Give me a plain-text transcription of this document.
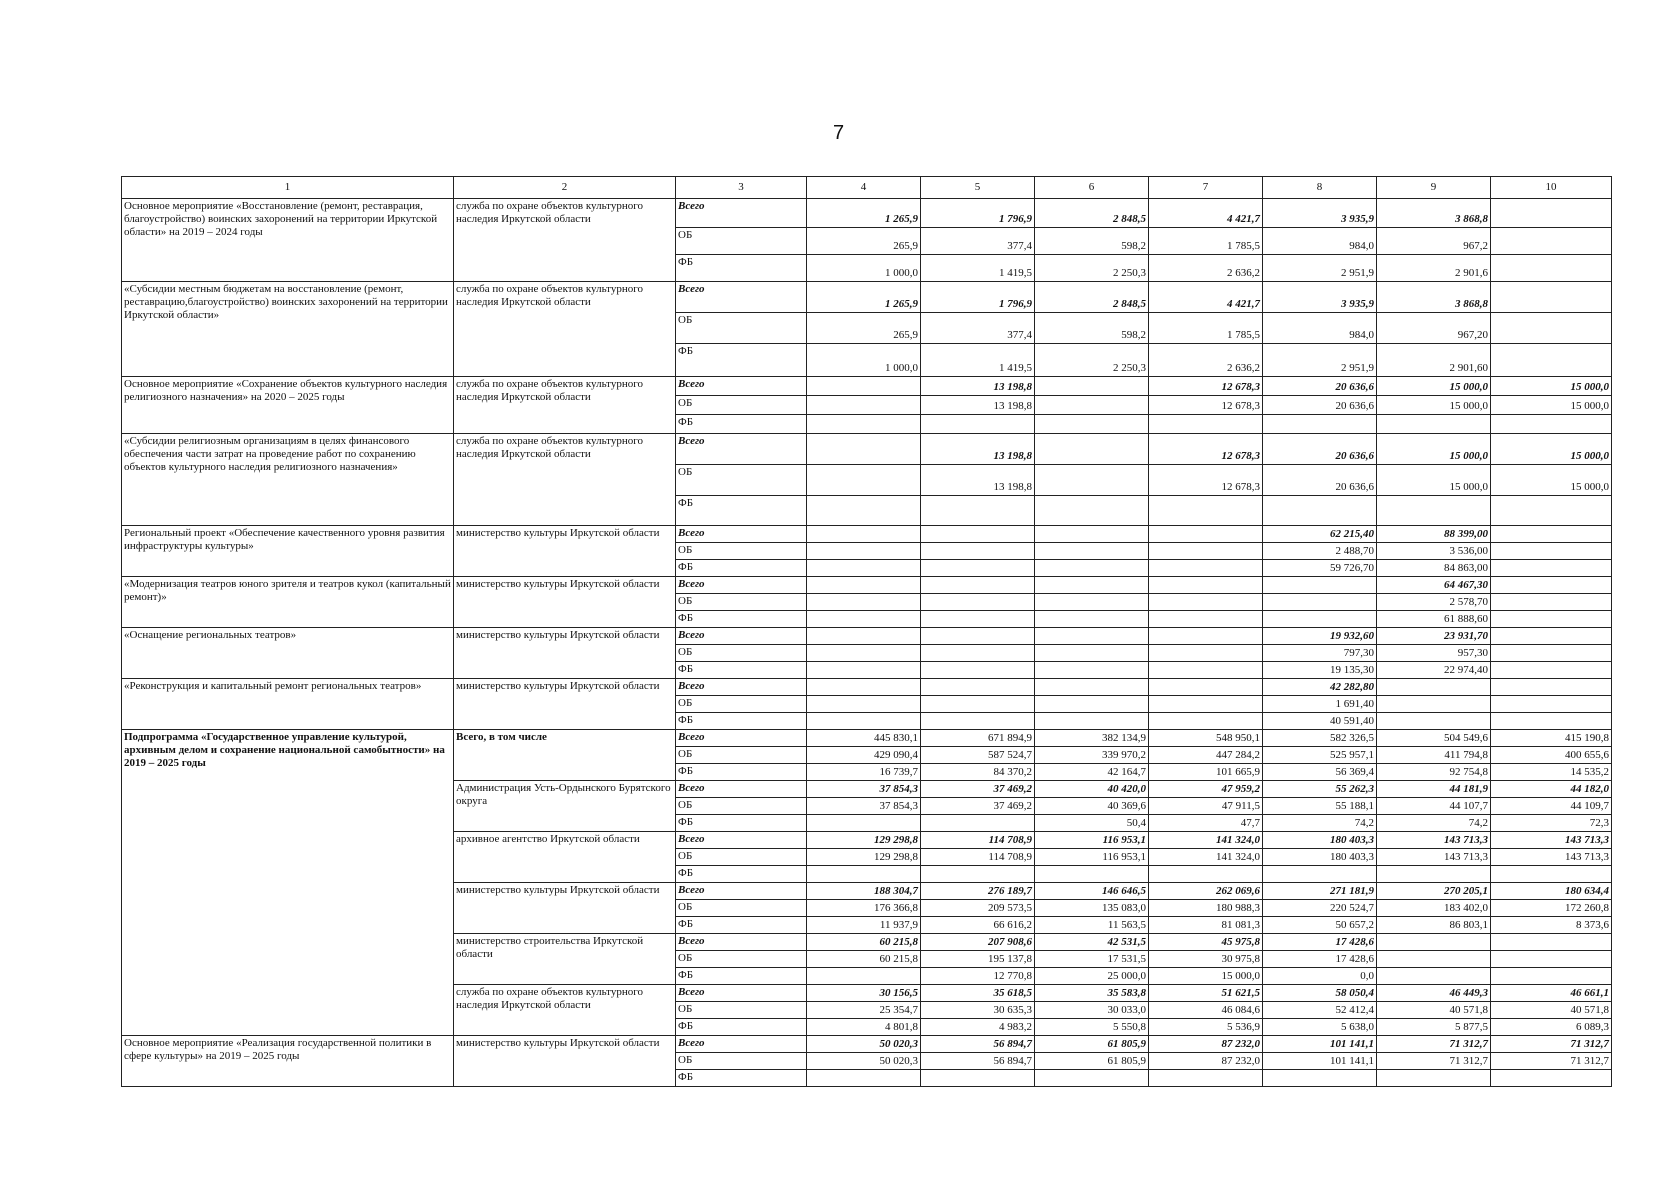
7
1	2	3	4	5	6	7	8	9	10
Основное мероприятие «Восстановление (ремонт, реставрация, благоустройство) воинских захоронений на территории Иркутской области» на 2019 – 2024 годы	служба по охране объектов культурного наследия Иркутской области	Всего	1 265,9	1 796,9	2 848,5	4 421,7	3 935,9	3 868,8	
		ОБ	265,9	377,4	598,2	1 785,5	984,0	967,2	
		ФБ	1 000,0	1 419,5	2 250,3	2 636,2	2 951,9	2 901,6	
«Субсидии местным бюджетам на восстановление (ремонт, реставрацию,благоустройство) воинских захоронений на территории Иркутской области»	служба по охране объектов культурного наследия Иркутской области	Всего	1 265,9	1 796,9	2 848,5	4 421,7	3 935,9	3 868,8	
		ОБ	265,9	377,4	598,2	1 785,5	984,0	967,20	
		ФБ	1 000,0	1 419,5	2 250,3	2 636,2	2 951,9	2 901,60	
Основное мероприятие «Сохранение объектов культурного наследия религиозного назначения» на 2020 – 2025 годы	служба по охране объектов культурного наследия Иркутской области	Всего		13 198,8		12 678,3	20 636,6	15 000,0	15 000,0
		ОБ		13 198,8		12 678,3	20 636,6	15 000,0	15 000,0
		ФБ							
«Субсидии религиозным организациям в целях финансового обеспечения части затрат на проведение работ по сохранению объектов культурного наследия религиозного назначения»	служба по охране объектов культурного наследия Иркутской области	Всего		13 198,8		12 678,3	20 636,6	15 000,0	15 000,0
		ОБ		13 198,8		12 678,3	20 636,6	15 000,0	15 000,0
		ФБ							
Региональный проект «Обеспечение качественного уровня развития инфраструктуры культуры»	министерство культуры Иркутской области	Всего					62 215,40	88 399,00	
		ОБ					2 488,70	3 536,00	
		ФБ					59 726,70	84 863,00	
«Модернизация театров юного зрителя и театров кукол (капитальный ремонт)»	министерство культуры Иркутской области	Всего						64 467,30	
		ОБ						2 578,70	
		ФБ						61 888,60	
«Оснащение региональных театров»	министерство культуры Иркутской области	Всего					19 932,60	23 931,70	
		ОБ					797,30	957,30	
		ФБ					19 135,30	22 974,40	
«Реконструкция и капитальный ремонт региональных театров»	министерство культуры Иркутской области	Всего					42 282,80		
		ОБ					1 691,40		
		ФБ					40 591,40		
Подпрограмма «Государственное управление культурой, архивным делом и сохранение национальной самобытности» на 2019 – 2025 годы	Всего, в том числе	Всего	445 830,1	671 894,9	382 134,9	548 950,1	582 326,5	504 549,6	415 190,8
		ОБ	429 090,4	587 524,7	339 970,2	447 284,2	525 957,1	411 794,8	400 655,6
		ФБ	16 739,7	84 370,2	42 164,7	101 665,9	56 369,4	92 754,8	14 535,2
	Администрация Усть-Ордынского Бурятского округа	Всего	37 854,3	37 469,2	40 420,0	47 959,2	55 262,3	44 181,9	44 182,0
		ОБ	37 854,3	37 469,2	40 369,6	47 911,5	55 188,1	44 107,7	44 109,7
		ФБ			50,4	47,7	74,2	74,2	72,3
	архивное агентство Иркутской области	Всего	129 298,8	114 708,9	116 953,1	141 324,0	180 403,3	143 713,3	143 713,3
		ОБ	129 298,8	114 708,9	116 953,1	141 324,0	180 403,3	143 713,3	143 713,3
		ФБ							
	министерство культуры Иркутской области	Всего	188 304,7	276 189,7	146 646,5	262 069,6	271 181,9	270 205,1	180 634,4
		ОБ	176 366,8	209 573,5	135 083,0	180 988,3	220 524,7	183 402,0	172 260,8
		ФБ	11 937,9	66 616,2	11 563,5	81 081,3	50 657,2	86 803,1	8 373,6
	министерство строительства Иркутской области	Всего	60 215,8	207 908,6	42 531,5	45 975,8	17 428,6		
		ОБ	60 215,8	195 137,8	17 531,5	30 975,8	17 428,6		
		ФБ		12 770,8	25 000,0	15 000,0	0,0		
	служба по охране объектов культурного наследия Иркутской области	Всего	30 156,5	35 618,5	35 583,8	51 621,5	58 050,4	46 449,3	46 661,1
		ОБ	25 354,7	30 635,3	30 033,0	46 084,6	52 412,4	40 571,8	40 571,8
		ФБ	4 801,8	4 983,2	5 550,8	5 536,9	5 638,0	5 877,5	6 089,3
Основное мероприятие «Реализация государственной политики в сфере культуры» на 2019 – 2025 годы	министерство культуры Иркутской области	Всего	50 020,3	56 894,7	61 805,9	87 232,0	101 141,1	71 312,7	71 312,7
		ОБ	50 020,3	56 894,7	61 805,9	87 232,0	101 141,1	71 312,7	71 312,7
		ФБ							
